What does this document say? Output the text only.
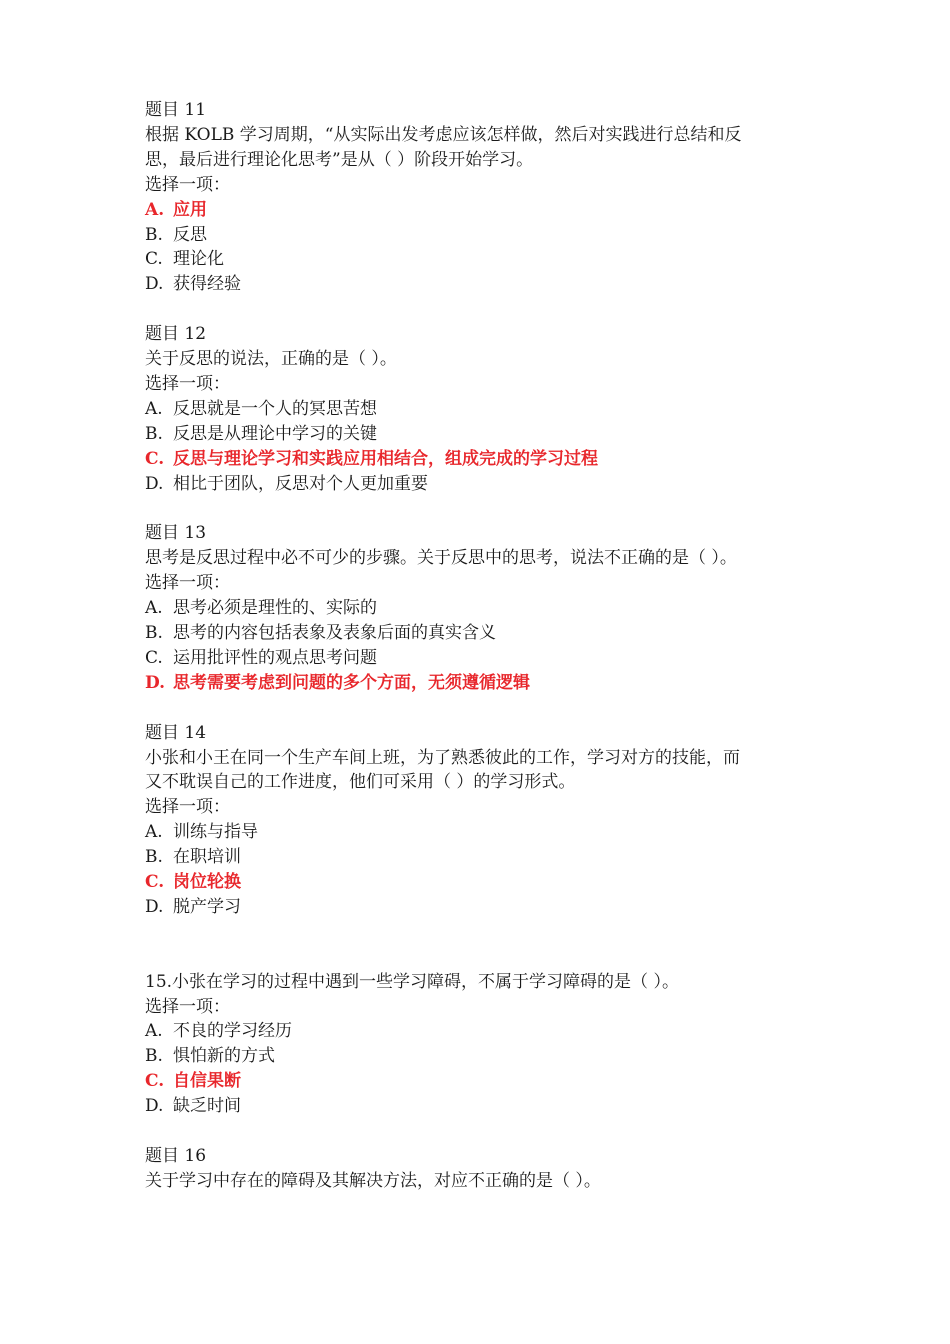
题目 11

根据 KOLB 学习周期，“从实际出发考虑应该怎样做，然后对实践进行总结和反

思，最后进行理论化思考”是从（ ）阶段开始学习。

选择一项：

A. 应用

B. 反思

C. 理论化

D. 获得经验

题目 12

关于反思的说法，正确的是（ ）。

选择一项：

A. 反思就是一个人的冥思苦想

B. 反思是从理论中学习的关键

C. 反思与理论学习和实践应用相结合，组成完成的学习过程

D. 相比于团队，反思对个人更加重要

题目 13

思考是反思过程中必不可少的步骤。关于反思中的思考，说法不正确的是（ ）。

选择一项：

A. 思考必须是理性的、实际的

B. 思考的内容包括表象及表象后面的真实含义

C. 运用批评性的观点思考问题

D. 思考需要考虑到问题的多个方面，无须遵循逻辑

题目 14

小张和小王在同一个生产车间上班，为了熟悉彼此的工作，学习对方的技能，而

又不耽误自己的工作进度，他们可采用（ ）的学习形式。

选择一项：

A. 训练与指导

B. 在职培训

C. 岗位轮换

D. 脱产学习

15.小张在学习的过程中遇到一些学习障碍，不属于学习障碍的是（ ）。

选择一项：

A. 不良的学习经历

B. 惧怕新的方式

C. 自信果断

D. 缺乏时间

题目 16

关于学习中存在的障碍及其解决方法，对应不正确的是（ ）。
